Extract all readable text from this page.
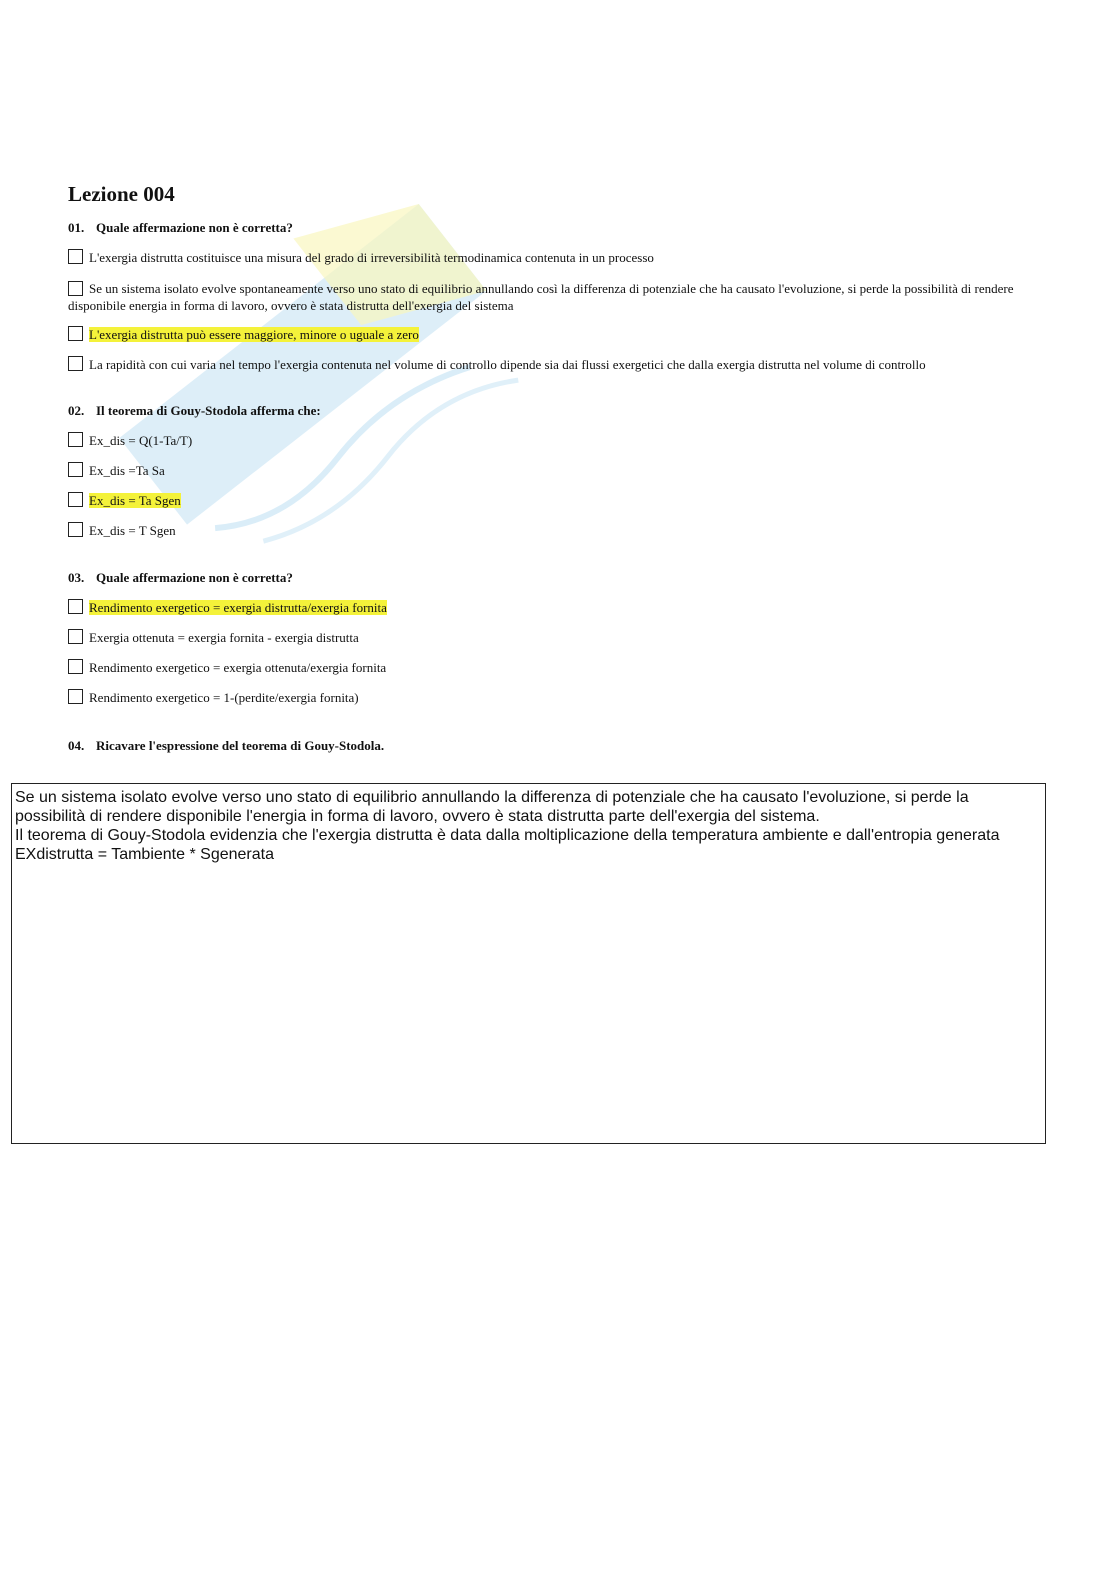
Lezione 004
01. Quale affermazione non è corretta?
L'exergia distrutta costituisce una misura del grado di irreversibilità termodinamica contenuta in un processo
Se un sistema isolato evolve spontaneamente verso uno stato di equilibrio annullando così la differenza di potenziale che ha causato l'evoluzione, si perde la possibilità di rendere disponibile energia in forma di lavoro, ovvero è stata distrutta dell'exergia del sistema
L'exergia distrutta può essere maggiore, minore o uguale a zero
La rapidità con cui varia nel tempo l'exergia contenuta nel volume di controllo dipende sia dai flussi exergetici che dalla exergia distrutta nel volume di controllo
02. Il teorema di Gouy-Stodola afferma che:
Ex_dis = Q(1-Ta/T)
Ex_dis =Ta Sa
Ex_dis = Ta Sgen
Ex_dis = T Sgen
03. Quale affermazione non è corretta?
Rendimento exergetico = exergia distrutta/exergia fornita
Exergia ottenuta = exergia fornita - exergia distrutta
Rendimento exergetico = exergia ottenuta/exergia fornita
Rendimento exergetico = 1-(perdite/exergia fornita)
04. Ricavare l'espressione del teorema di Gouy-Stodola.

Se un sistema isolato evolve verso uno stato di equilibrio annullando la differenza di potenziale che ha causato l'evoluzione, si perde la possibilità di rendere disponibile l'energia in forma di lavoro, ovvero è stata distrutta parte dell'exergia del sistema.

Il teorema di Gouy-Stodola evidenzia che l'exergia distrutta è data dalla moltiplicazione della temperatura ambiente e dall'entropia generata

EXdistrutta = Tambiente * Sgenerata
